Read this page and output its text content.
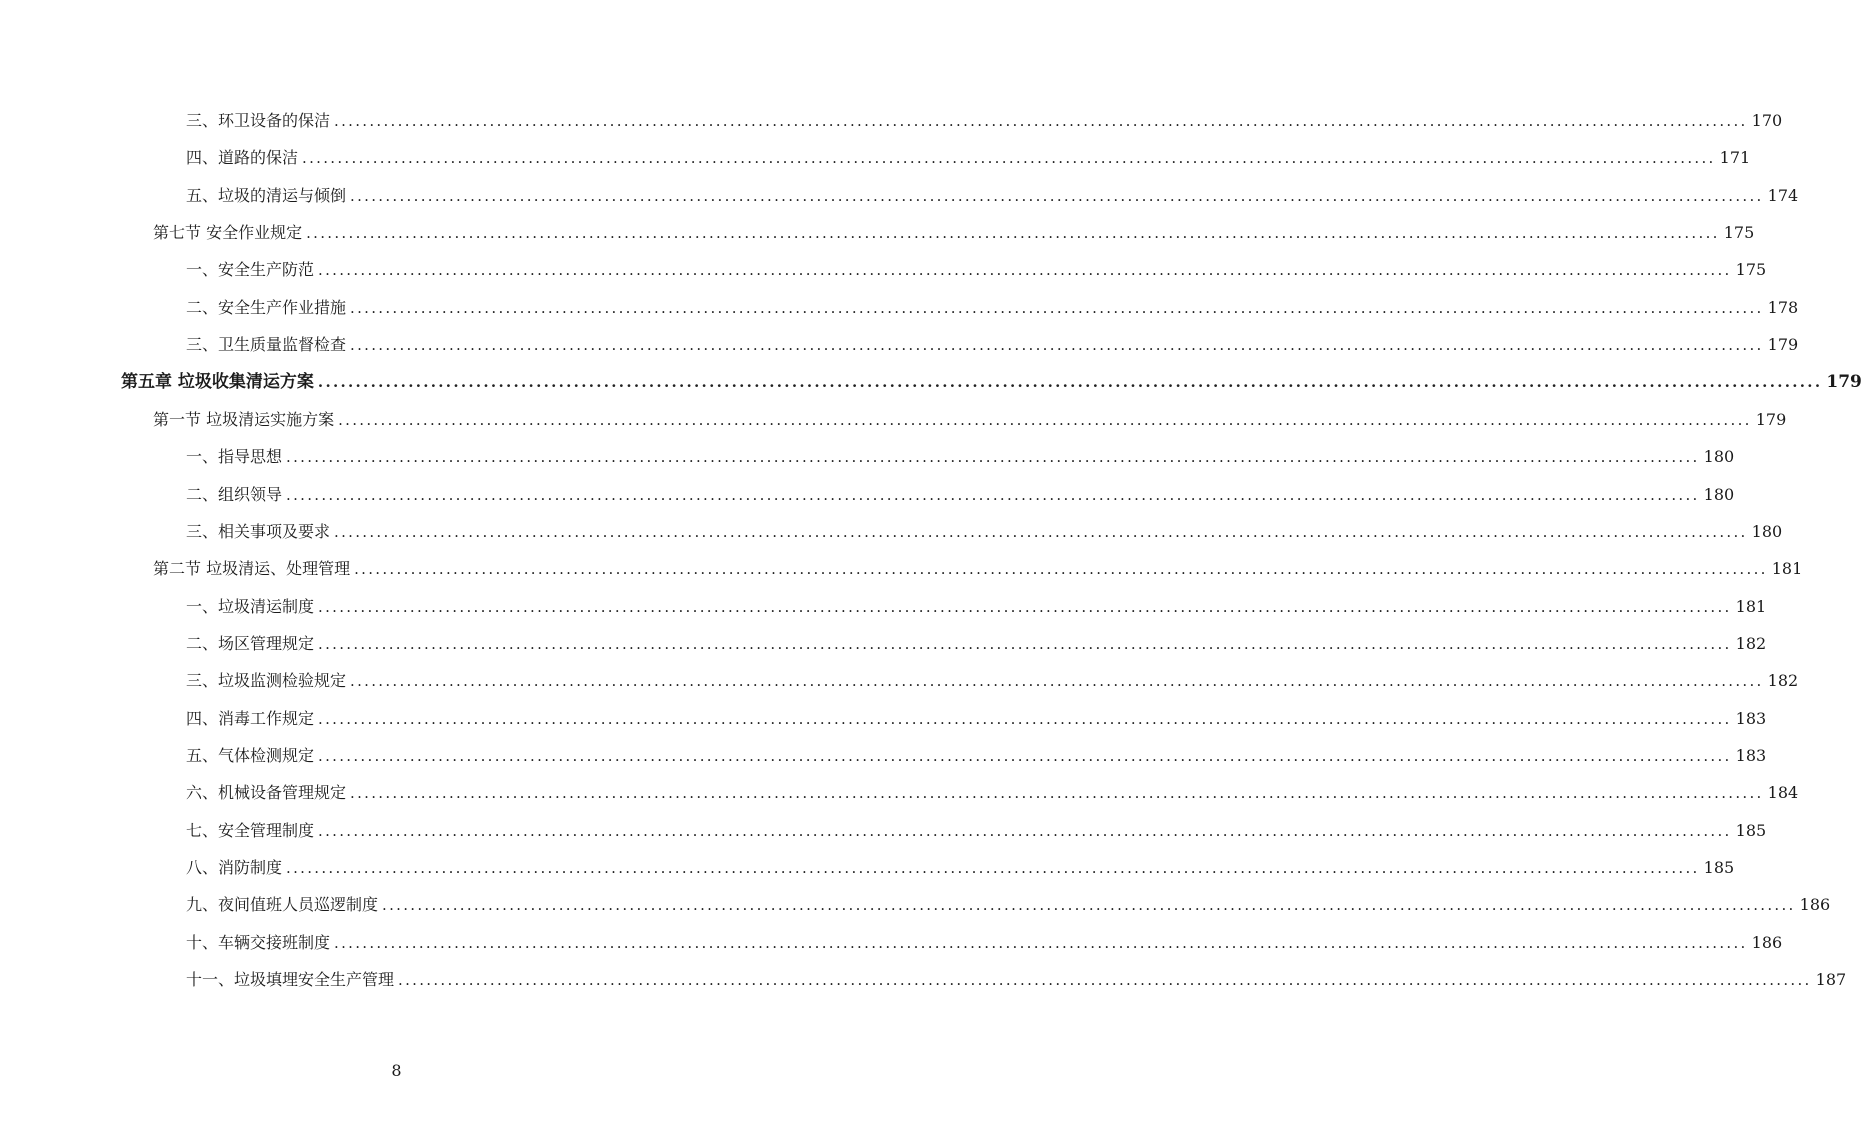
三、环卫设备的保洁 ........................................................................................................................................................................................................ 170
四、道路的保洁 ........................................................................................................................................................................................................ 171
五、垃圾的清运与倾倒 ........................................................................................................................................................................................................ 174
第七节 安全作业规定 ........................................................................................................................................................................................................ 175
一、安全生产防范 ........................................................................................................................................................................................................ 175
二、安全生产作业措施 ........................................................................................................................................................................................................ 178
三、卫生质量监督检查 ........................................................................................................................................................................................................ 179
第五章 垃圾收集清运方案 ........................................................................................................................................................................................................ 179
第一节 垃圾清运实施方案 ........................................................................................................................................................................................................ 179
一、指导思想 ........................................................................................................................................................................................................ 180
二、组织领导 ........................................................................................................................................................................................................ 180
三、相关事项及要求 ........................................................................................................................................................................................................ 180
第二节 垃圾清运、处理管理 ........................................................................................................................................................................................................ 181
一、垃圾清运制度 ........................................................................................................................................................................................................ 181
二、场区管理规定 ........................................................................................................................................................................................................ 182
三、垃圾监测检验规定 ........................................................................................................................................................................................................ 182
四、消毒工作规定 ........................................................................................................................................................................................................ 183
五、气体检测规定 ........................................................................................................................................................................................................ 183
六、机械设备管理规定 ........................................................................................................................................................................................................ 184
七、安全管理制度 ........................................................................................................................................................................................................ 185
八、消防制度 ........................................................................................................................................................................................................ 185
九、夜间值班人员巡逻制度 ........................................................................................................................................................................................................ 186
十、车辆交接班制度 ........................................................................................................................................................................................................ 186
十一、垃圾填埋安全生产管理 ........................................................................................................................................................................................................ 187
8
